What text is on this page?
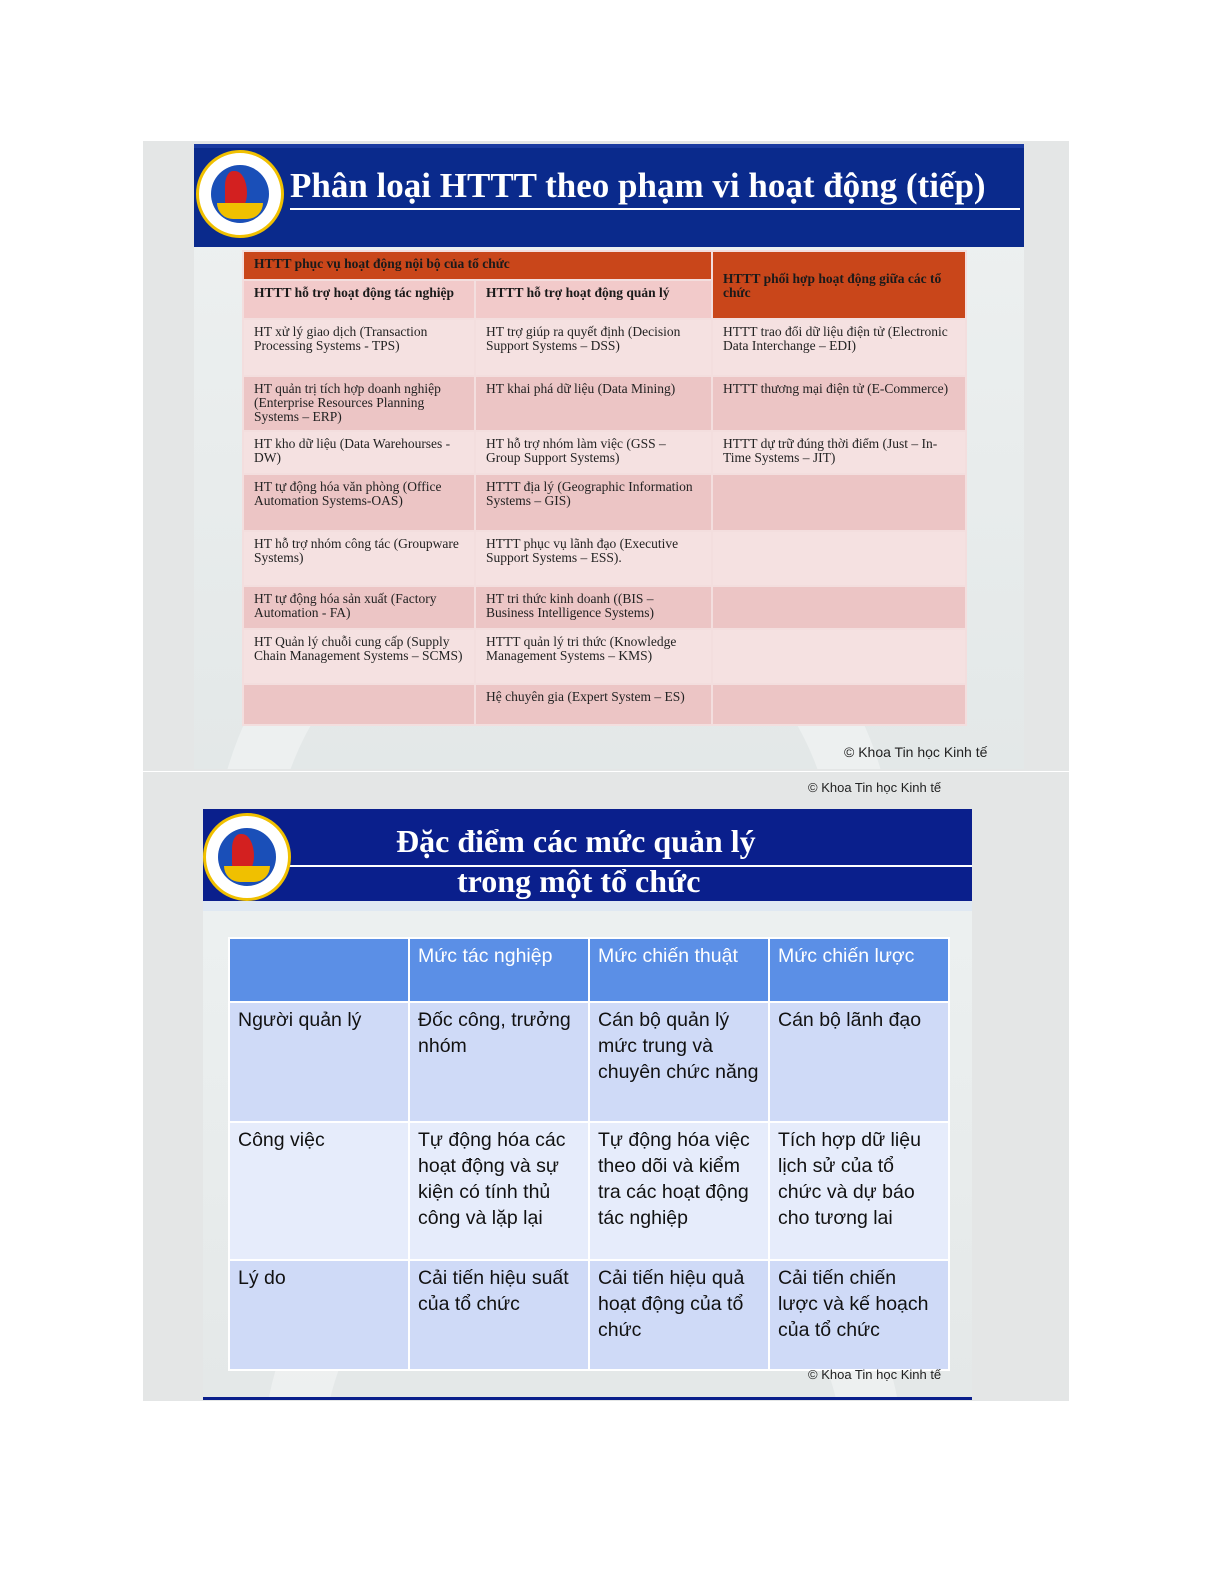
Phân loại HTTT theo phạm vi hoạt động (tiếp)
HTTT phục vụ hoạt động nội bộ của tổ chức		HTTT phối hợp hoạt động giữa các tổ chức
HTTT hỗ trợ hoạt động tác nghiệp	HTTT hỗ trợ hoạt động quản lý	
HT xử lý giao dịch (Transaction Processing Systems - TPS)	HT trợ giúp ra quyết định (Decision Support Systems – DSS)	HTTT trao đổi dữ liệu điện tử (Electronic Data Interchange – EDI)
HT quản trị tích hợp doanh nghiệp (Enterprise Resources Planning Systems – ERP)	HT khai phá dữ liệu (Data Mining)	HTTT thương mại điện tử (E-Commerce)
HT kho dữ liệu (Data Warehourses - DW)	HT hỗ trợ nhóm làm việc (GSS – Group Support Systems)	HTTT dự trữ đúng thời điểm (Just – In- Time Systems – JIT)
HT tự động hóa văn phòng (Office Automation Systems-OAS)	HTTT địa lý (Geographic Information Systems – GIS)	
HT hỗ trợ nhóm công tác (Groupware Systems)	HTTT phục vụ lãnh đạo (Executive Support Systems – ESS).	
HT tự động hóa sản xuất (Factory Automation - FA)	HT tri thức kinh doanh ((BIS – Business Intelligence Systems)	
HT Quản lý chuỗi cung cấp (Supply Chain Management Systems – SCMS)	HTTT quản lý tri thức (Knowledge Management Systems – KMS)	
	Hệ chuyên gia (Expert System – ES)	
© Khoa Tin học Kinh tế
© Khoa Tin học Kinh tế
Đặc điểm các mức quản lý
trong một tổ chức
	Mức tác nghiệp	Mức chiến thuật	Mức chiến lược
Người quản lý	Đốc công, trưởng nhóm	Cán bộ quản lý mức trung và chuyên chức năng	Cán bộ lãnh đạo
Công việc	Tự động hóa các hoạt động và sự kiện có tính thủ công và lặp lại	Tự động hóa việc theo dõi và kiểm tra các hoạt động tác nghiệp	Tích hợp dữ liệu lịch sử của tổ chức và dự báo cho tương lai
Lý do	Cải tiến hiệu suất của tổ chức	Cải tiến hiệu quả hoạt động của tổ chức	Cải tiến chiến lược và kế hoạch của tổ chức
© Khoa Tin học Kinh tế
